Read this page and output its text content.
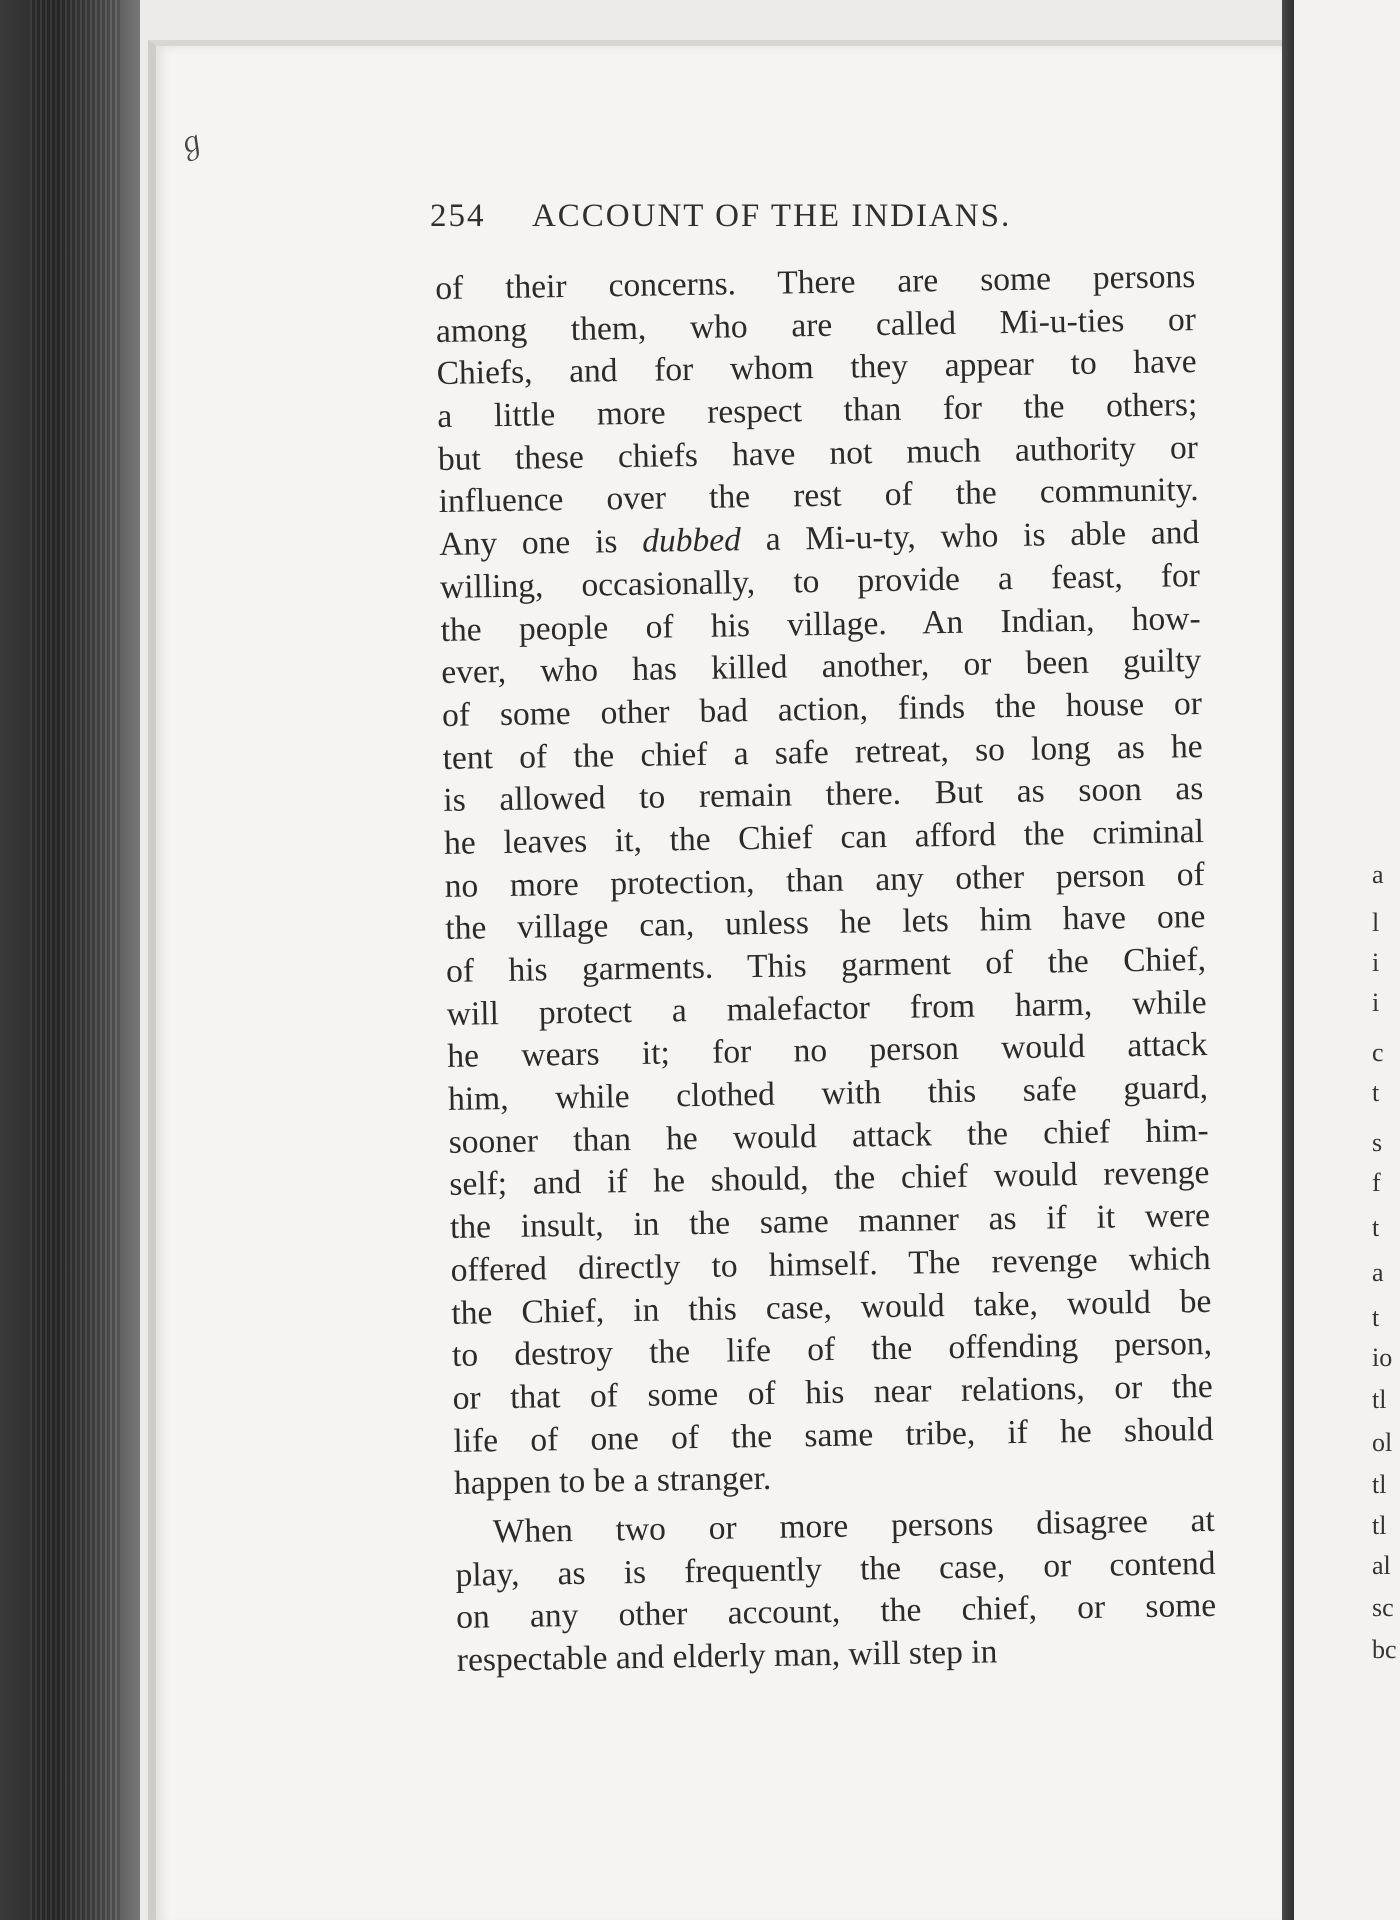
ℊ
254 ACCOUNT OF THE INDIANS.
of their concerns. There are some persons
among them, who are called Mi-u-ties or
Chiefs, and for whom they appear to have
a little more respect than for the others;
but these chiefs have not much authority or
influence over the rest of the community.
Any one is dubbed a Mi-u-ty, who is able and
willing, occasionally, to provide a feast, for
the people of his village. An Indian, how-
ever, who has killed another, or been guilty
of some other bad action, finds the house or
tent of the chief a safe retreat, so long as he
is allowed to remain there. But as soon as
he leaves it, the Chief can afford the criminal
no more protection, than any other person of
the village can, unless he lets him have one
of his garments. This garment of the Chief,
will protect a malefactor from harm, while
he wears it; for no person would attack
him, while clothed with this safe guard,
sooner than he would attack the chief him-
self; and if he should, the chief would revenge
the insult, in the same manner as if it were
offered directly to himself. The revenge which
the Chief, in this case, would take, would be
to destroy the life of the offending person,
or that of some of his near relations, or the
life of one of the same tribe, if he should
happen to be a stranger.
When two or more persons disagree at
play, as is frequently the case, or contend
on any other account, the chief, or some
respectable and elderly man, will step in
a
l
i
i
c
t
s
f
t
a
t
io
tl
ol
tl
tl
al
sc
bc
